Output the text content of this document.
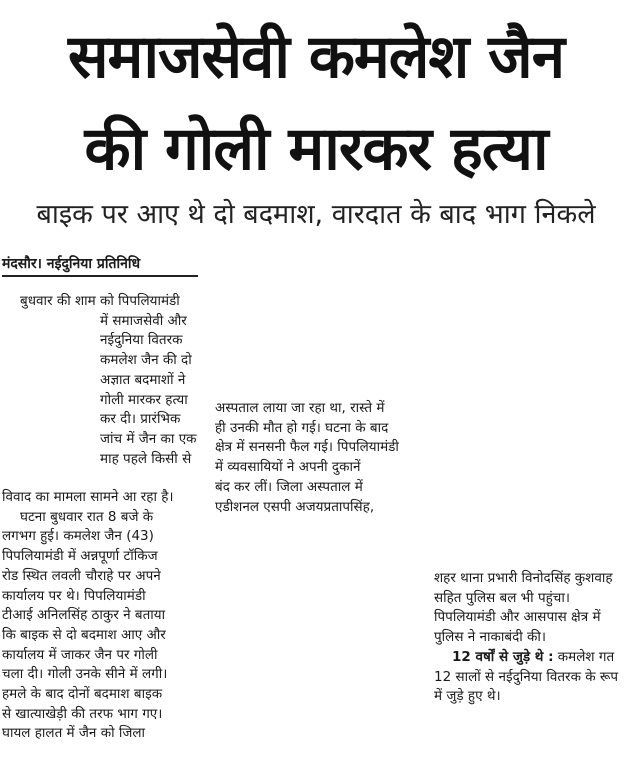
समाजसेवी कमलेश जैन
की गोली मारकर हत्या
बाइक पर आए थे दो बदमाश, वारदात के बाद भाग निकले
मंदसौर। नईदुनिया प्रतिनिधि
बुधवार की शाम को पिपलियामंडी
में समाजसेवी और
नईदुनिया वितरक
कमलेश जैन की दो
अज्ञात बदमाशों ने
गोली मारकर हत्या
कर दी। प्रारंभिक
जांच में जैन का एक
माह पहले किसी से
विवाद का मामला सामने आ रहा है।
घटना बुधवार रात 8 बजे के
लगभग हुई। कमलेश जैन (43)
पिपलियामंडी में अन्नपूर्णा टॉकिज
रोड स्थित लवली चौराहे पर अपने
कार्यालय पर थे। पिपलियामंडी
टीआई अनिलसिंह ठाकुर ने बताया
कि बाइक से दो बदमाश आए और
कार्यालय में जाकर जैन पर गोली
चला दी। गोली उनके सीने में लगी।
हमले के बाद दोनों बदमाश बाइक
से खात्याखेड़ी की तरफ भाग गए।
घायल हालत में जैन को जिला
अस्पताल लाया जा रहा था, रास्ते में
ही उनकी मौत हो गई। घटना के बाद
क्षेत्र में सनसनी फैल गई। पिपलियामंडी
में व्यवसायियों ने अपनी दुकानें
बंद कर लीं। जिला अस्पताल में
एडीशनल एसपी अजयप्रतापसिंह,
शहर थाना प्रभारी विनोदसिंह कुशवाह
सहित पुलिस बल भी पहुंचा।
पिपलियामंडी और आसपास क्षेत्र में
पुलिस ने नाकाबंदी की।
12 वर्षों से जुड़े थे : कमलेश गत
12 सालों से नईदुनिया वितरक के रूप
में जुड़े हुए थे।
